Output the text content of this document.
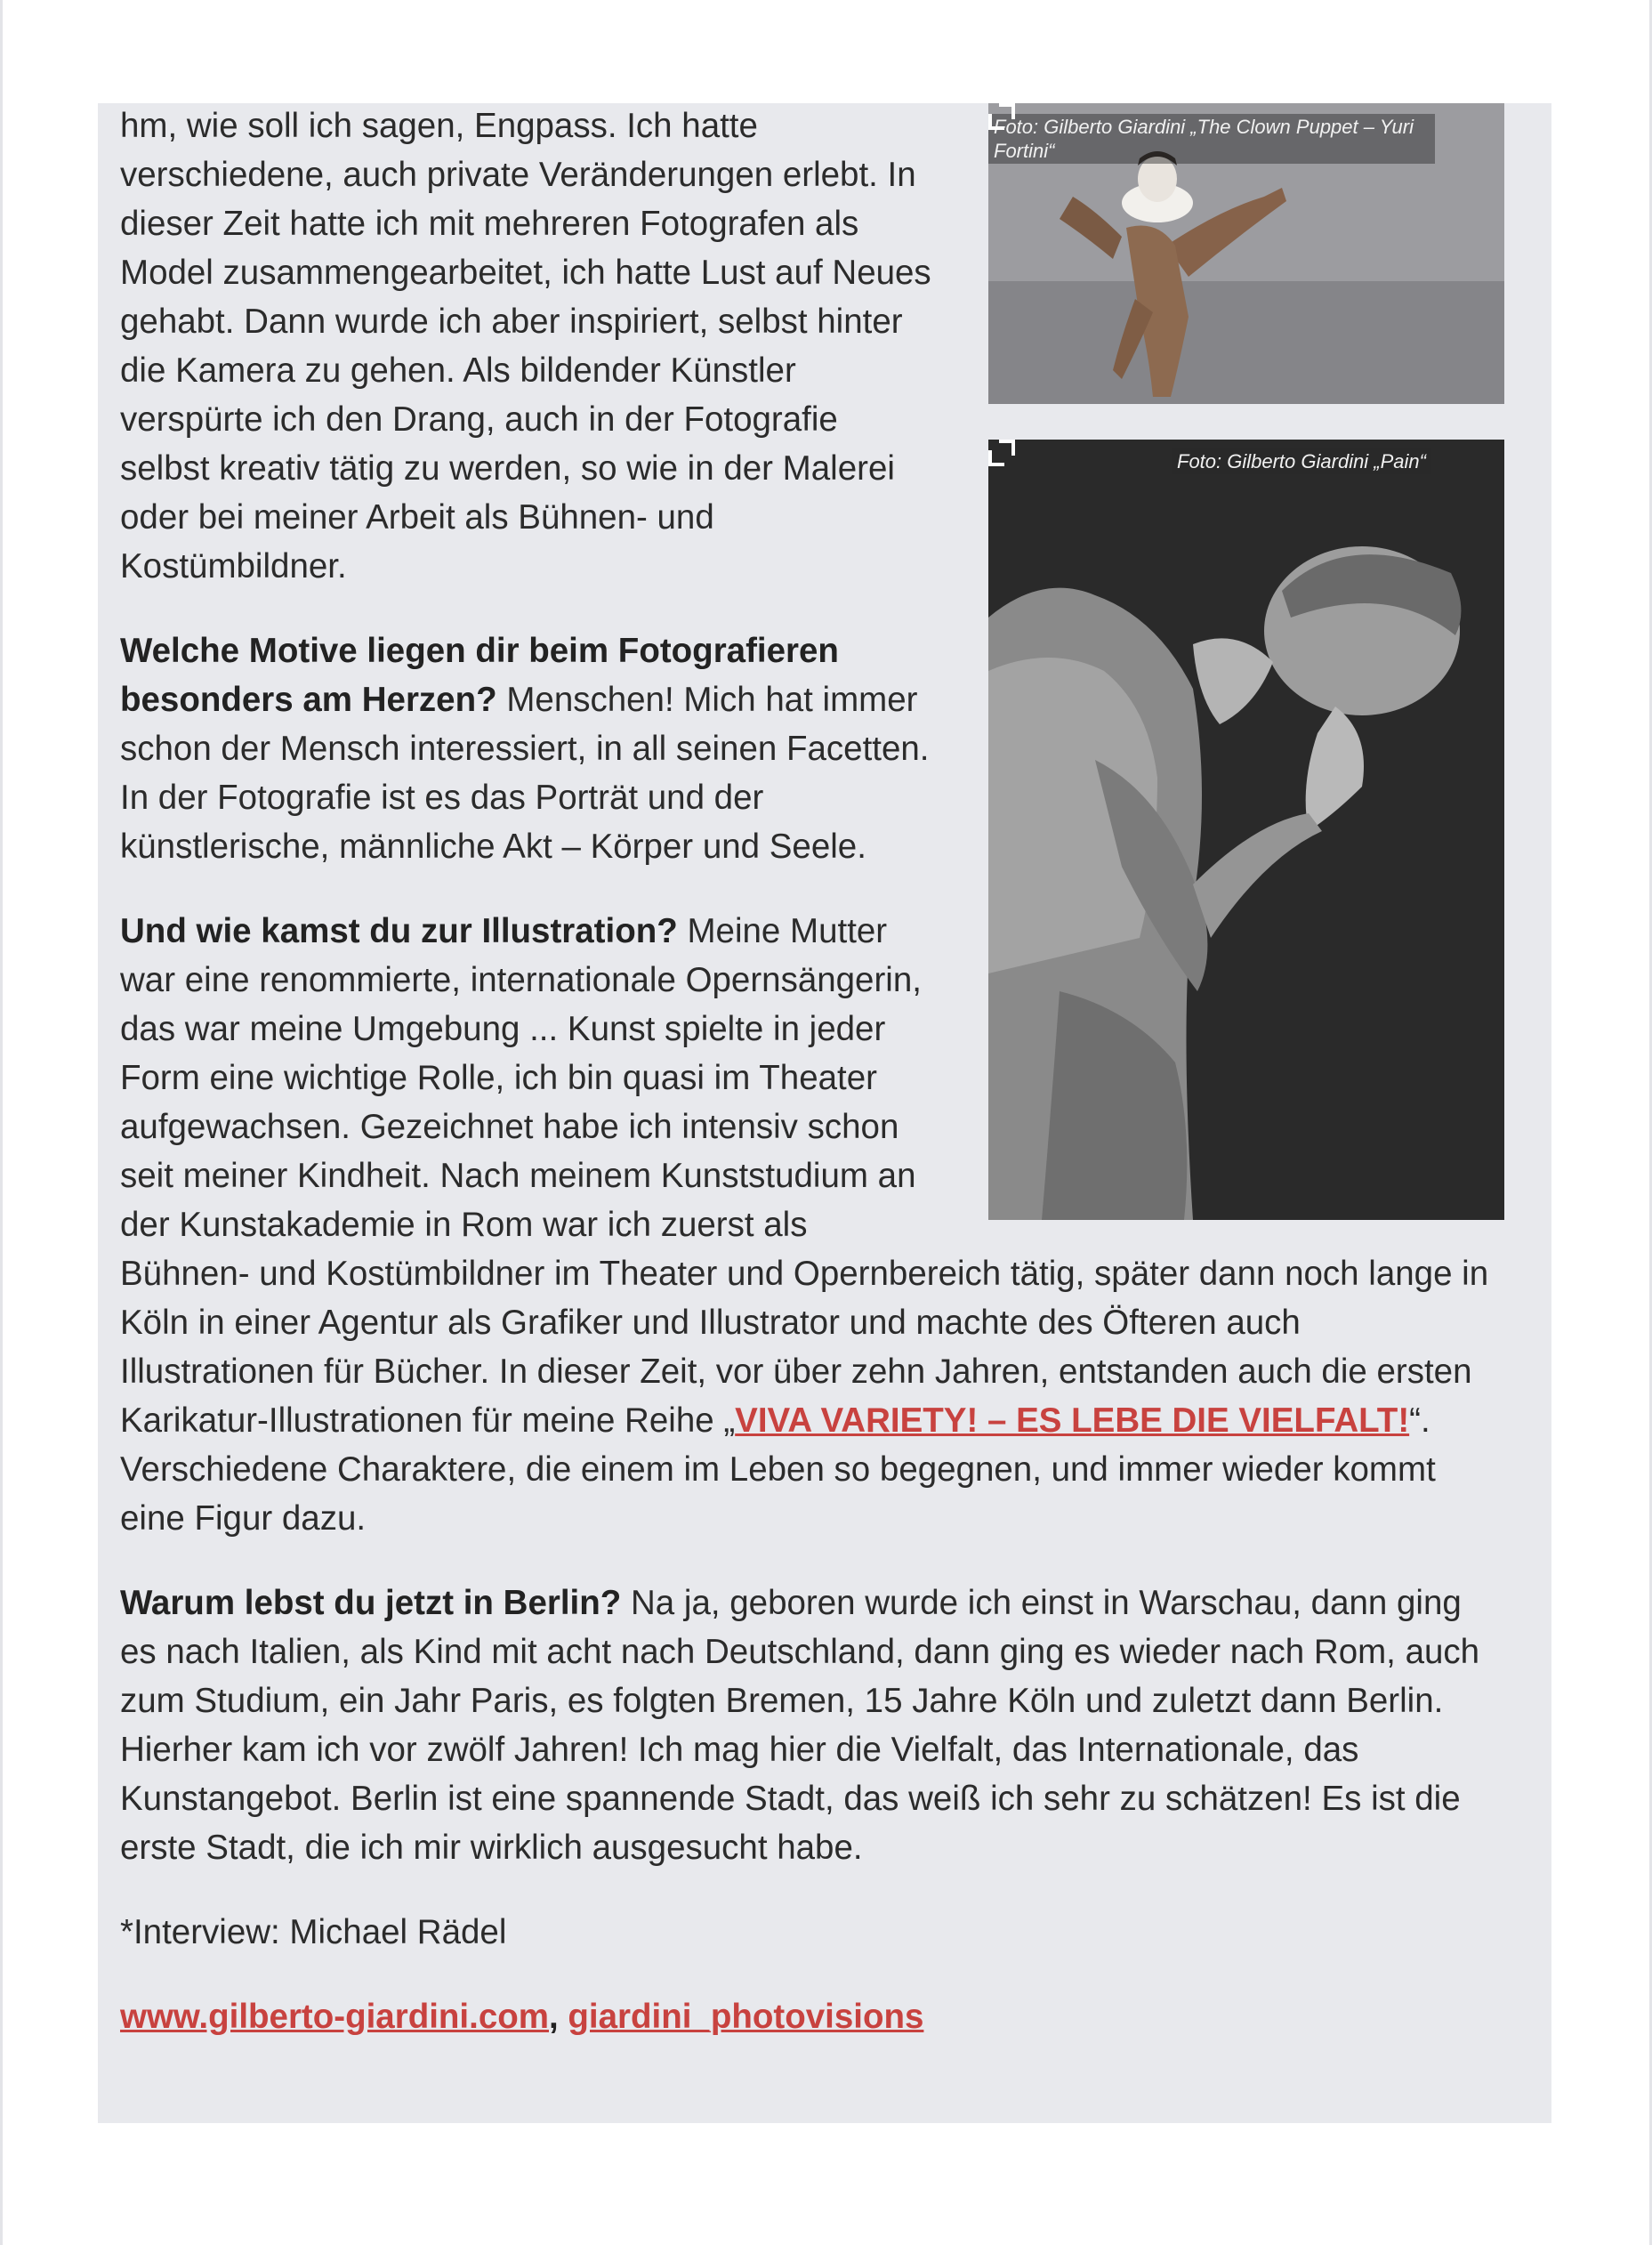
Foto: Gilberto Giardini „The Clown Puppet – Yuri Fortini“
Foto: Gilberto Giardini „Pain“

hm, wie soll ich sagen, Engpass. Ich hatte verschiedene, auch private Veränderungen erlebt. In dieser Zeit hatte ich mit mehreren Fotografen als Model zusammengearbeitet, ich hatte Lust auf Neues gehabt. Dann wurde ich aber inspiriert, selbst hinter die Kamera zu gehen. Als bildender Künstler verspürte ich den Drang, auch in der Fotografie selbst kreativ tätig zu werden, so wie in der Malerei oder bei meiner Arbeit als Bühnen- und Kostümbildner.

Welche Motive liegen dir beim Fotografieren besonders am Herzen? Menschen! Mich hat immer schon der Mensch interessiert, in all seinen Facetten. In der Fotografie ist es das Porträt und der künstlerische, männliche Akt – Körper und Seele.

Und wie kamst du zur Illustration? Meine Mutter war eine renommierte, internationale Opernsängerin, das war meine Umgebung ... Kunst spielte in jeder Form eine wichtige Rolle, ich bin quasi im Theater aufgewachsen. Gezeichnet habe ich intensiv schon seit meiner Kindheit. Nach meinem Kunststudium an der Kunstakademie in Rom war ich zuerst als Bühnen- und Kostümbildner im Theater und Opernbereich tätig, später dann noch lange in Köln in einer Agentur als Grafiker und Illustrator und machte des Öfteren auch Illustrationen für Bücher. In dieser Zeit, vor über zehn Jahren, entstanden auch die ersten Karikatur-Illustrationen für meine Reihe „VIVA VARIETY! – ES LEBE DIE VIELFALT!“. Verschiedene Charaktere, die einem im Leben so begegnen, und immer wieder kommt eine Figur dazu.

Warum lebst du jetzt in Berlin? Na ja, geboren wurde ich einst in Warschau, dann ging es nach Italien, als Kind mit acht nach Deutschland, dann ging es wieder nach Rom, auch zum Studium, ein Jahr Paris, es folgten Bremen, 15 Jahre Köln und zuletzt dann Berlin. Hierher kam ich vor zwölf Jahren! Ich mag hier die Vielfalt, das Internationale, das Kunstangebot. Berlin ist eine spannende Stadt, das weiß ich sehr zu schätzen! Es ist die erste Stadt, die ich mir wirklich ausgesucht habe.

*Interview: Michael Rädel

www.gilberto-giardini.com, giardini_photovisions
